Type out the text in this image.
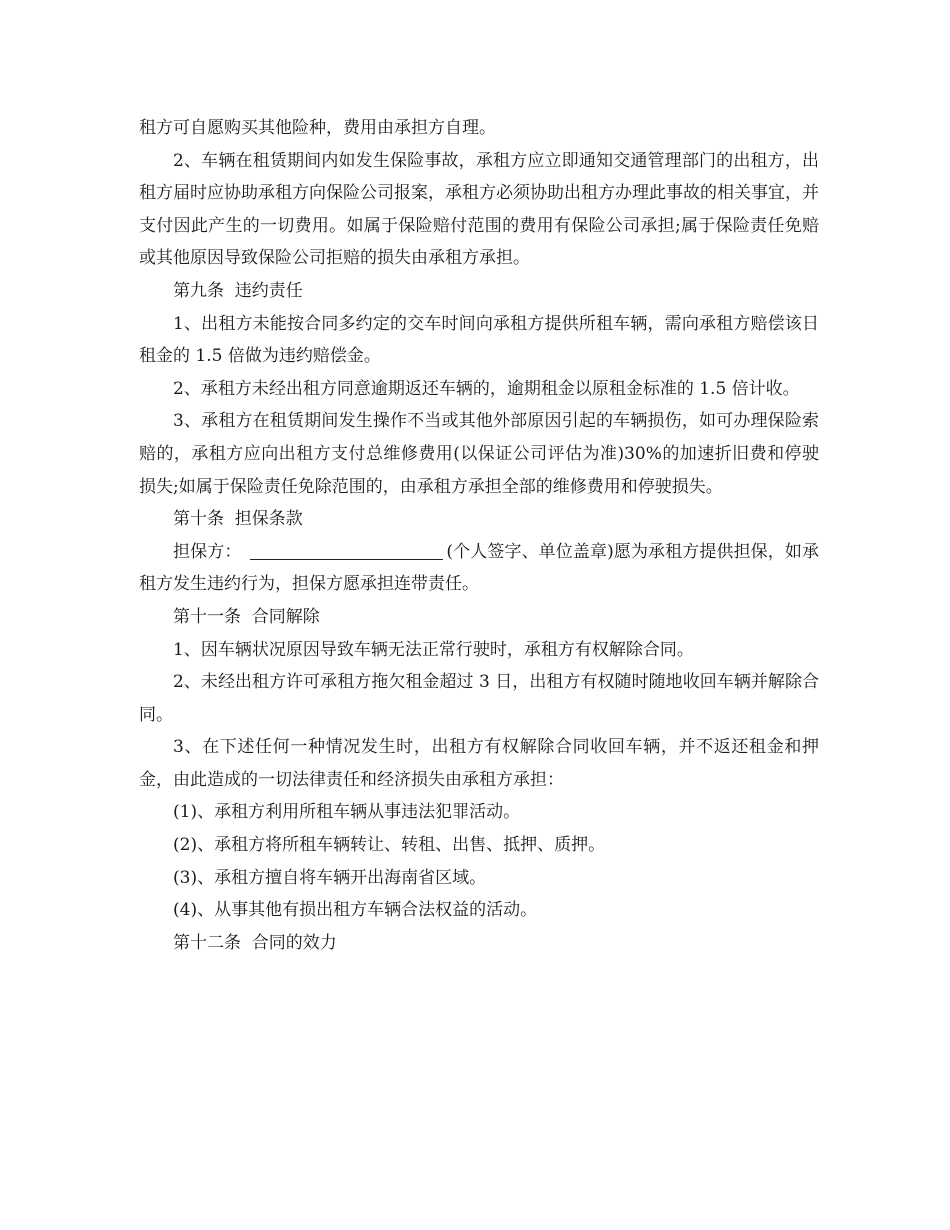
租方可自愿购买其他险种，费用由承担方自理。

2、车辆在租赁期间内如发生保险事故，承租方应立即通知交通管理部门的出租方，出租方届时应协助承租方向保险公司报案，承租方必须协助出租方办理此事故的相关事宜，并支付因此产生的一切费用。如属于保险赔付范围的费用有保险公司承担;属于保险责任免赔或其他原因导致保险公司拒赔的损失由承租方承担。

第九条  违约责任

1、出租方未能按合同多约定的交车时间向承租方提供所租车辆，需向承租方赔偿该日租金的 1.5 倍做为违约赔偿金。

2、承租方未经出租方同意逾期返还车辆的，逾期租金以原租金标准的 1.5 倍计收。

3、承租方在租赁期间发生操作不当或其他外部原因引起的车辆损伤，如可办理保险索赔的，承租方应向出租方支付总维修费用(以保证公司评估为准)30%的加速折旧费和停驶损失;如属于保险责任免除范围的，由承租方承担全部的维修费用和停驶损失。

第十条  担保条款

担保方：	(个人签字、单位盖章)愿为承租方提供担保，如承租方发生违约行为，担保方愿承担连带责任。

第十一条  合同解除

1、因车辆状况原因导致车辆无法正常行驶时，承租方有权解除合同。

2、未经出租方许可承租方拖欠租金超过 3 日，出租方有权随时随地收回车辆并解除合同。

3、在下述任何一种情况发生时，出租方有权解除合同收回车辆，并不返还租金和押金，由此造成的一切法律责任和经济损失由承租方承担：

(1)、承租方利用所租车辆从事违法犯罪活动。

(2)、承租方将所租车辆转让、转租、出售、抵押、质押。

(3)、承租方擅自将车辆开出海南省区域。

(4)、从事其他有损出租方车辆合法权益的活动。

第十二条  合同的效力
